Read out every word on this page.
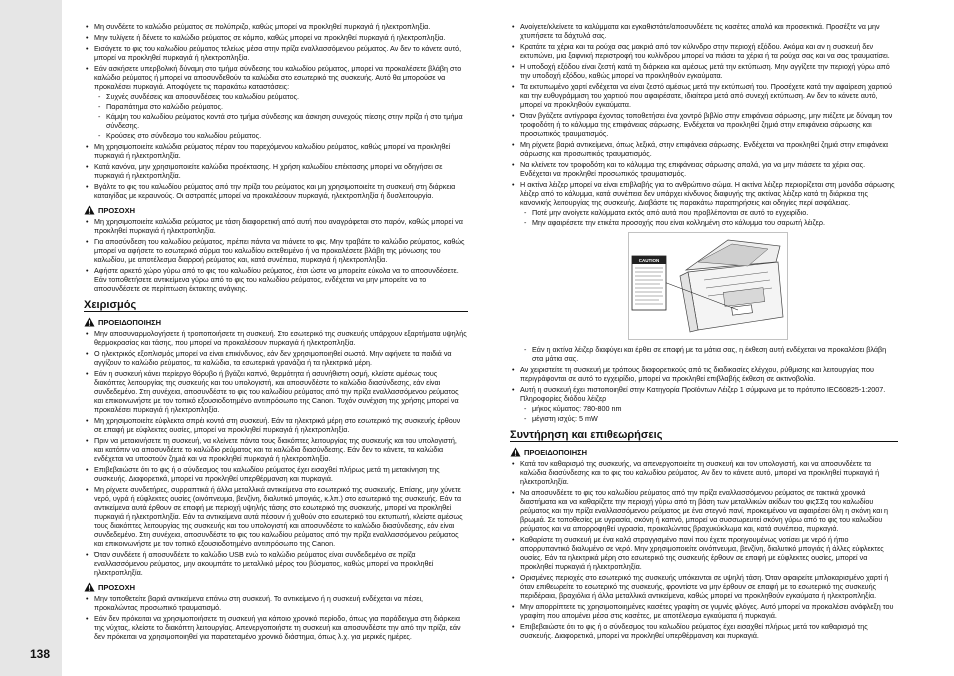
138
• Μη συνδέετε το καλώδιο ρεύματος σε πολύπριζο, καθώς μπορεί να προκληθεί πυρκαγιά ή ηλεκτροπληξία.
• Μην τυλίγετε ή δένετε το καλώδιο ρεύματος σε κόμπο, καθώς μπορεί να προκληθεί πυρκαγιά ή ηλεκτροπληξία.
• Εισάγετε το φις του καλωδίου ρεύματος τελείως μέσα στην πρίζα εναλλασσόμενου ρεύματος. Αν δεν το κάνετε αυτό, μπορεί να προκληθεί πυρκαγιά ή ηλεκτροπληξία.
• Εάν ασκήσετε υπερβολική δύναμη στο τμήμα σύνδεσης του καλωδίου ρεύματος, μπορεί να προκαλέσετε βλάβη στο καλώδιο ρεύματος ή μπορεί να αποσυνδεθούν τα καλώδια στο εσωτερικό της συσκευής. Αυτό θα μπορούσε να προκαλέσει πυρκαγιά. Αποφύγετε τις παρακάτω καταστάσεις:
- Συχνές συνδέσεις και αποσυνδέσεις του καλωδίου ρεύματος.
- Παραπάτημα στο καλώδιο ρεύματος.
- Κάμψη του καλωδίου ρεύματος κοντά στο τμήμα σύνδεσης και άσκηση συνεχούς πίεσης στην πρίζα ή στο τμήμα σύνδεσης.
- Κρούσεις στο σύνδεσμο του καλωδίου ρεύματος.
• Μη χρησιμοποιείτε καλώδια ρεύματος πέραν του παρεχόμενου καλωδίου ρεύματος, καθώς μπορεί να προκληθεί πυρκαγιά ή ηλεκτροπληξία.
• Κατά κανόνα, μην χρησιμοποιείτε καλώδια προέκτασης. Η χρήση καλωδίου επέκτασης μπορεί να οδηγήσει σε πυρκαγιά ή ηλεκτροπληξία.
• Βγάλτε το φις του καλωδίου ρεύματος από την πρίζα του ρεύματος και μη χρησιμοποιείτε τη συσκευή στη διάρκεια καταιγίδας με κεραυνούς. Οι αστραπές μπορεί να προκαλέσουν πυρκαγιά, ηλεκτροπληξία ή δυσλειτουργία.
ΠΡΟΣΟΧΗ
• Μη χρησιμοποιείτε καλώδια ρεύματος με τάση διαφορετική από αυτή που αναγράφεται στο παρόν, καθώς μπορεί να προκληθεί πυρκαγιά ή ηλεκτροπληξία.
• Για αποσύνδεση του καλωδίου ρεύματος, πρέπει πάντα να πιάνετε το φις. Μην τραβάτε το καλώδιο ρεύματος, καθώς μπορεί να αφήσετε το εσωτερικό σύρμα του καλωδίου εκτεθειμένο ή να προκαλέσετε βλάβη της μόνωσης του καλωδίου, με αποτέλεσμα διαρροή ρεύματος και, κατά συνέπεια, πυρκαγιά ή ηλεκτροπληξία.
• Αφήστε αρκετό χώρο γύρω από το φις του καλωδίου ρεύματος, έτσι ώστε να μπορείτε εύκολα να το αποσυνδέσετε. Εάν τοποθετήσετε αντικείμενα γύρω από το φις του καλωδίου ρεύματος, ενδέχεται να μην μπορείτε να το αποσυνδέσετε σε περίπτωση έκτακτης ανάγκης.
Χειρισμός
ΠΡΟΕΙΔΟΠΟΙΗΣΗ
• Μην αποσυναρμολογήσετε ή τροποποιήσετε τη συσκευή. Στο εσωτερικό της συσκευής υπάρχουν εξαρτήματα υψηλής θερμοκρασίας και τάσης, που μπορεί να προκαλέσουν πυρκαγιά ή ηλεκτροπληξία.
• Ο ηλεκτρικός εξοπλισμός μπορεί να είναι επικίνδυνος, εάν δεν χρησιμοποιηθεί σωστά. Μην αφήνετε τα παιδιά να αγγίζουν το καλώδιο ρεύματος, τα καλώδια, τα εσωτερικά γρανάζια ή τα ηλεκτρικά μέρη.
• Εάν η συσκευή κάνει περίεργο θόρυβο ή βγάζει καπνό, θερμότητα ή ασυνήθιστη οσμή, κλείστε αμέσως τους διακόπτες λειτουργίας της συσκευής και του υπολογιστή, και αποσυνδέστε το καλώδιο διασύνδεσης, εάν είναι συνδεδεμένο. Στη συνέχεια, αποσυνδέστε το φις του καλωδίου ρεύματος από την πρίζα εναλλασσόμενου ρεύματος και επικοινωνήστε με τον τοπικό εξουσιοδοτημένο αντιπρόσωπο της Canon. Τυχόν συνέχιση της χρήσης μπορεί να προκαλέσει πυρκαγιά ή ηλεκτροπληξία.
• Μη χρησιμοποιείτε εύφλεκτα σπρέι κοντά στη συσκευή. Εάν τα ηλεκτρικά μέρη στο εσωτερικό της συσκευής έρθουν σε επαφή με εύφλεκτες ουσίες, μπορεί να προκληθεί πυρκαγιά ή ηλεκτροπληξία.
• Πριν να μετακινήσετε τη συσκευή, να κλείνετε πάντα τους διακόπτες λειτουργίας της συσκευής και του υπολογιστή, και κατόπιν να αποσυνδέετε το καλώδιο ρεύματος και τα καλώδια διασύνδεσης. Εάν δεν το κάνετε, τα καλώδια ενδέχεται να υποστούν ζημιά και να προκληθεί πυρκαγιά ή ηλεκτροπληξία.
• Επιβεβαιώστε ότι το φις ή ο σύνδεσμος του καλωδίου ρεύματος έχει εισαχθεί πλήρως μετά τη μετακίνηση της συσκευής. Διαφορετικά, μπορεί να προκληθεί υπερθέρμανση και πυρκαγιά.
• Μη ρίχνετε συνδετήρες, συρραπτικά ή άλλα μεταλλικά αντικείμενα στο εσωτερικό της συσκευής. Επίσης, μην χύνετε νερό, υγρά ή εύφλεκτες ουσίες (οινόπνευμα, βενζίνη, διαλυτικό μπογιάς, κ.λπ.) στο εσωτερικό της συσκευής. Εάν τα αντικείμενα αυτά έρθουν σε επαφή με περιοχή υψηλής τάσης στο εσωτερικό της συσκευής, μπορεί να προκληθεί πυρκαγιά ή ηλεκτροπληξία. Εάν τα αντικείμενα αυτά πέσουν ή χυθούν στο εσωτερικό του εκτυπωτή, κλείστε αμέσως τους διακόπτες λειτουργίας της συσκευής και του υπολογιστή και αποσυνδέστε το καλώδιο διασύνδεσης, εάν είναι συνδεδεμένο. Στη συνέχεια, αποσυνδέστε το φις του καλωδίου ρεύματος από την πρίζα εναλλασσόμενου ρεύματος και επικοινωνήστε με τον τοπικό εξουσιοδοτημένο αντιπρόσωπο της Canon.
• Όταν συνδέετε ή αποσυνδέετε το καλώδιο USB ενώ το καλώδιο ρεύματος είναι συνδεδεμένο σε πρίζα εναλλασσόμενου ρεύματος, μην ακουμπάτε το μεταλλικό μέρος του βύσματος, καθώς μπορεί να προκληθεί ηλεκτροπληξία.
ΠΡΟΣΟΧΗ
• Μην τοποθετείτε βαριά αντικείμενα επάνω στη συσκευή. Το αντικείμενο ή η συσκευή ενδέχεται να πέσει, προκαλώντας προσωπικό τραυματισμό.
• Εάν δεν πρόκειται να χρησιμοποιήσετε τη συσκευή για κάποιο χρονικό περίοδο, όπως για παράδειγμα στη διάρκεια της νύχτας, κλείστε το διακόπτη λειτουργίας. Απενεργοποιήστε τη συσκευή και αποσυνδέστε την από την πρίζα, εάν δεν πρόκειται να χρησιμοποιηθεί για παρατεταμένο χρονικό διάστημα, όπως λ.χ. για μερικές ημέρες.
• Ανοίγετε/κλείνετε τα καλύμματα και εγκαθιστάτε/αποσυνδέετε τις κασέτες απαλά και προσεκτικά. Προσέξτε να μην χτυπήσετε τα δάχτυλά σας.
• Κρατάτε τα χέρια και τα ρούχα σας μακριά από τον κύλινδρο στην περιοχή εξόδου. Ακόμα και αν η συσκευή δεν εκτυπώνει, μια ξαφνική περιστροφή του κυλίνδρου μπορεί να πιάσει τα χέρια ή τα ρούχα σας και να σας τραυματίσει.
• Η υποδοχή εξόδου είναι ζεστή κατά τη διάρκεια και αμέσως μετά την εκτύπωση. Μην αγγίζετε την περιοχή γύρω από την υποδοχή εξόδου, καθώς μπορεί να προκληθούν εγκαύματα.
• Τα εκτυπωμένο χαρτί ενδέχεται να είναι ζεστό αμέσως μετά την εκτύπωσή του. Προσέχετε κατά την αφαίρεση χαρτιού και την ευθυγράμμιση του χαρτιού που αφαιρέσατε, ιδιαίτερα μετά από συνεχή εκτύπωση. Αν δεν το κάνετε αυτό, μπορεί να προκληθούν εγκαύματα.
• Όταν βγάζετε αντίγραφα έχοντας τοποθετήσει ένα χοντρό βιβλίο στην επιφάνεια σάρωσης, μην πιέζετε με δύναμη τον τροφοδότη ή το κάλυμμα της επιφάνειας σάρωσης. Ενδέχεται να προκληθεί ζημιά στην επιφάνεια σάρωσης και προσωπικός τραυματισμός.
• Μη ρίχνετε βαριά αντικείμενα, όπως λεξικά, στην επιφάνεια σάρωσης. Ενδέχεται να προκληθεί ζημιά στην επιφάνεια σάρωσης και προσωπικός τραυματισμός.
• Να κλείνετε τον τροφοδότη και το κάλυμμα της επιφάνειας σάρωσης απαλά, για να μην πιάσετε τα χέρια σας. Ενδέχεται να προκληθεί προσωπικός τραυματισμός.
• Η ακτίνα λέιζερ μπορεί να είναι επιβλαβής για το ανθρώπινο σώμα. Η ακτίνα λέιζερ περιορίζεται στη μονάδα σάρωσης λέιζερ από το κάλυμμα, κατά συνέπεια δεν υπάρχει κίνδυνος διαφυγής της ακτίνας λέιζερ κατά τη διάρκεια της κανονικής λειτουργίας της συσκευής. Διαβάστε τις παρακάτω παρατηρήσεις και οδηγίες περί ασφάλειας.
- Ποτέ μην ανοίγετε καλύμματα εκτός από αυτά που προβλέπονται σε αυτό το εγχειρίδιο.
- Μην αφαιρέσετε την ετικέτα προσοχής που είναι κολλημένη στο κάλυμμα του σαρωτή λέιζερ.
CAUTION
- Εάν η ακτίνα λέιζερ διαφύγει και έρθει σε επαφή με τα μάτια σας, η έκθεση αυτή ενδέχεται να προκαλέσει βλάβη στα μάτια σας.
• Αν χειριστείτε τη συσκευή με τρόπους διαφορετικούς από τις διαδικασίες ελέγχου, ρύθμισης και λειτουργίας που περιγράφονται σε αυτό το εγχειρίδιο, μπορεί να προκληθεί επιβλαβής έκθεση σε ακτινοβολία.
• Αυτή η συσκευή έχει πιστοποιηθεί στην Κατηγορία Προϊόντων Λέιζερ 1 σύμφωνα με το πρότυπο IEC60825-1:2007. Πληροφορίες διόδου λέιζερ
- μήκος κύματος: 780-800 nm
- μέγιστη ισχύς: 5 mW
Συντήρηση και επιθεωρήσεις
ΠΡΟΕΙΔΟΠΟΙΗΣΗ
• Κατά τον καθαρισμό της συσκευής, να απενεργοποιείτε τη συσκευή και τον υπολογιστή, και να αποσυνδέετε τα καλώδια διασύνδεσης και το φις του καλωδίου ρεύματος. Αν δεν το κάνετε αυτό, μπορεί να προκληθεί πυρκαγιά ή ηλεκτροπληξία.
• Να αποσυνδέετε το φις του καλωδίου ρεύματος από την πρίζα εναλλασσόμενου ρεύματος σε τακτικά χρονικά διαστήματα και να καθαρίζετε την περιοχή γύρω από τη βάση των μεταλλικών ακίδων του φιςΣΣq του καλωδίου ρεύματος και την πρίζα εναλλασσόμενου ρεύματος με ένα στεγνό πανί, προκειμένου να αφαιρέσει όλη η σκόνη και η βρωμιά. Σε τοποθεσίες με υγρασία, σκόνη ή καπνό, μπορεί να συσσωρευτεί σκόνη γύρω από το φις του καλωδίου ρεύματος και να απορροφηθεί υγρασία, προκαλώντας βραχυκύκλωμα και, κατά συνέπεια, πυρκαγιά.
• Καθαρίστε τη συσκευή με ένα καλά στραγγισμένο πανί που έχετε προηγουμένως νοτίσει με νερό ή ήπιο απορρυπαντικό διαλυμένο σε νερό. Μην χρησιμοποιείτε οινόπνευμα, βενζίνη, διαλυτικό μπογιάς ή άλλες εύφλεκτες ουσίες. Εάν τα ηλεκτρικά μέρη στο εσωτερικό της συσκευής έρθουν σε επαφή με εύφλεκτες ουσίες, μπορεί να προκληθεί πυρκαγιά ή ηλεκτροπληξία.
• Ορισμένες περιοχές στο εσωτερικό της συσκευής υπόκεινται σε υψηλή τάση. Όταν αφαιρείτε μπλοκαρισμένο χαρτί ή όταν επιθεωρείτε το εσωτερικό της συσκευής, φροντίστε να μην έρθουν σε επαφή με το εσωτερικό της συσκευής περιδέραια, βραχιόλια ή άλλα μεταλλικά αντικείμενα, καθώς μπορεί να προκληθούν εγκαύματα ή ηλεκτροπληξία.
• Μην απορρίπτετε τις χρησιμοποιημένες κασέτες γραφίτη σε γυμνές φλόγες. Αυτό μπορεί να προκαλέσει ανάφλεξη του γραφίτη που απομένει μέσα στις κασέτες, με αποτέλεσμα εγκαύματα ή πυρκαγιά.
• Επιβεβαιώστε ότι το φις ή ο σύνδεσμος του καλωδίου ρεύματος έχει εισαχθεί πλήρως μετά τον καθαρισμό της συσκευής. Διαφορετικά, μπορεί να προκληθεί υπερθέρμανση και πυρκαγιά.
